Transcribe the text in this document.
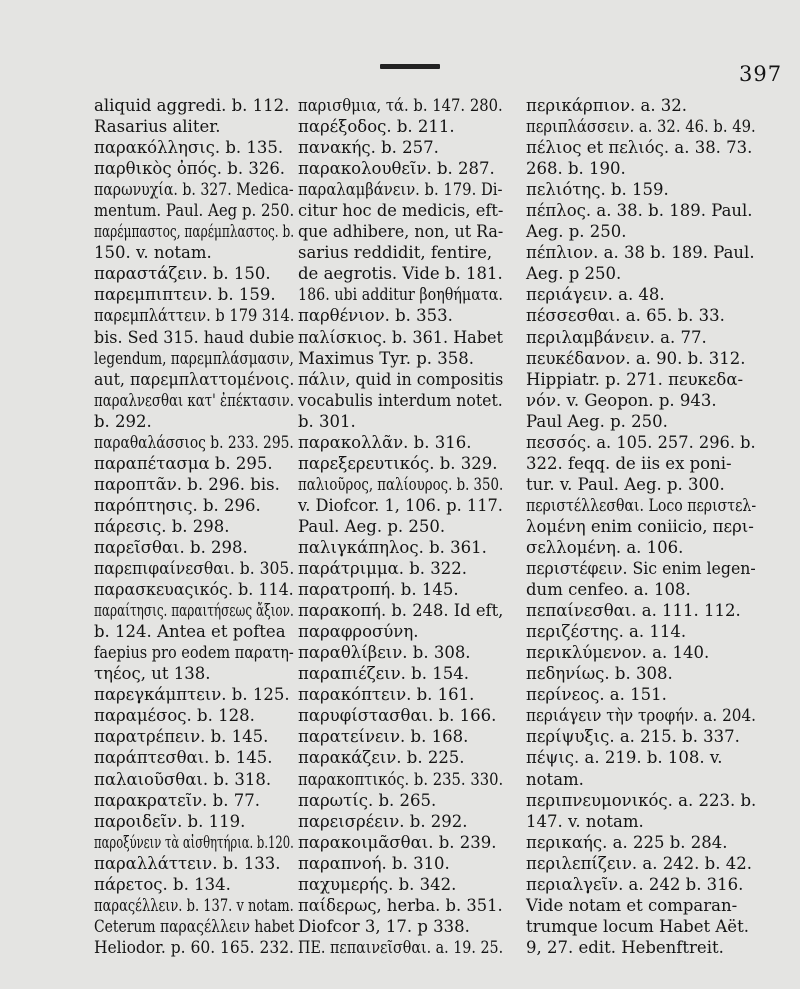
397
aliquid aggredi. b. 112.
Rasarius aliter.
παρακόλλησις. b. 135.
παρθικὸς ὀπός. b. 326.
παρωνυχία. b. 327. Medica-mentum. Paul. Aeg p. 250.παρέμπαστος, παρέμπλαστος. b.
150. v. notam.
παραστάζειν. b. 150.
παρεμπιπτειν. b. 159.
παρεμπλάττειν. b 179 314.bis. Sed 315. haud dubielegendum, παρεμπλάσμασιν,aut, παρεμπλαττομένοις.παραλνεσθαι κατ' ἐπέκτασιν.
b. 292.
παραθαλάσσιος b. 233. 295.
παραπέτασμα b. 295.
παροπτᾶν. b. 296. bis.
παρόπτησις. b. 296.
πάρεσις. b. 298.
παρεῖσθαι. b. 298.
παρεπιφαίνεσθαι. b. 305.παρασκευαςικός. b. 114.παραίτησις. παραιτήσεως ἄξιον.
b. 124. Antea et poftea
faepius pro eodem παρατη-
τηέος, ut 138.
παρεγκάμπτειν. b. 125.
παραμέσος. b. 128.
παρατρέπειν. b. 145.
παράπτεσθαι. b. 145.
παλαιοῦσθαι. b. 318.
παρακρατεῖν. b. 77.
παροιδεῖν. b. 119.
παροξύνειν τὰ αἰσθητήρια. b.120.
παραλλάττειν. b. 133.
πάρετος. b. 134.
παραςέλλειν. b. 137. v notam.Ceterum παραςέλλειν habetHeliodor. p. 60. 165. 232.
παρισθμια, τά. b. 147. 280.
παρέξοδος. b. 211.
πανακής. b. 257.
παρακολουθεῖν. b. 287.
παραλαμβάνειν. b. 179. Di-citur hoc de medicis, eft-que adhibere, non, ut Ra-
sarius reddidit, fentire,
de aegrotis. Vide b. 181.
186. ubi additur βοηθήματα.
παρθένιον. b. 353.
παλίσκιος. b. 361. Habet
Maximus Tyr. p. 358.
πάλιν, quid in compositisvocabulis interdum notet.
b. 301.
παρακολλᾶν. b. 316.
παρεξερευτικός. b. 329.
παλιοῦρος, παλίουρος. b. 350.v. Diofcor. 1, 106. p. 117.
Paul. Aeg. p. 250.
παλιγκάπηλος. b. 361.
παράτριμμα. b. 322.
παρατροπή. b. 145.
παρακοπή. b. 248. Id eft,
παραφροσύνη.
παραθλίβειν. b. 308.
παραπιέζειν. b. 154.
παρακόπτειν. b. 161.
παρυφίστασθαι. b. 166.
παρατείνειν. b. 168.
παρακάζειν. b. 225.
παρακοπτικός. b. 235. 330.
παρωτίς. b. 265.
παρεισρέειν. b. 292.
παρακοιμᾶσθαι. b. 239.
παραπνοή. b. 310.
παχυμερής. b. 342.
παίδερως, herba. b. 351.
Diofcor 3, 17. p 338.
ΠΕ. πεπαινεῖσθαι. a. 19. 25.
περικάρπιον. a. 32.
περιπλάσσειν. a. 32. 46. b. 49.
πέλιος et πελιός. a. 38. 73.
268. b. 190.
πελιότης. b. 159.
πέπλος. a. 38. b. 189. Paul.
Aeg. p. 250.
πέπλιον. a. 38 b. 189. Paul.
Aeg. p 250.
περιάγειν. a. 48.
πέσσεσθαι. a. 65. b. 33.
περιλαμβάνειν. a. 77.
πευκέδανον. a. 90. b. 312.
Hippiatr. p. 271. πευκεδα-
νόν. v. Geopon. p. 943.
Paul Aeg. p. 250.
πεσσός. a. 105. 257. 296. b.
322. feqq. de iis ex poni-
tur. v. Paul. Aeg. p. 300.
περιστέλλεσθαι. Loco περιστελ-
λομένη enim coniicio, περι-
σελλομένη. a. 106.
περιστέφειν. Sic enim legen-
dum cenfeo. a. 108.
πεπαίνεσθαι. a. 111. 112.
περιζέστης. a. 114.
περικλύμενον. a. 140.
πεδηνίως. b. 308.
περίνεος. a. 151.
περιάγειν τὴν τροφήν. a. 204.
περίψυξις. a. 215. b. 337.
πέψις. a. 219. b. 108. v.
notam.
περιπνευμονικός. a. 223. b.
147. v. notam.
περικαής. a. 225 b. 284.
περιλεπίζειν. a. 242. b. 42.
περιαλγεῖν. a. 242 b. 316.
Vide notam et comparan-
trumque locum Habet Aët.
9, 27. edit. Hebenftreit.
